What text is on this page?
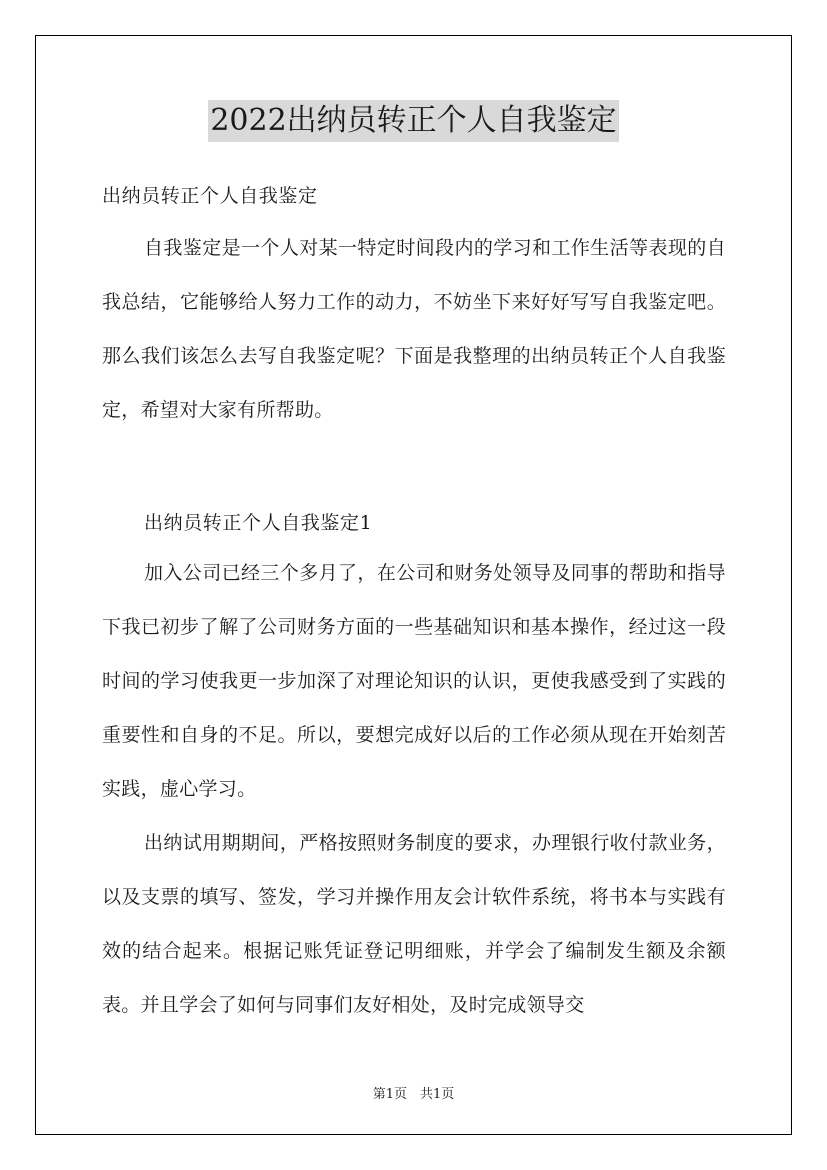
2022出纳员转正个人自我鉴定
出纳员转正个人自我鉴定
自我鉴定是一个人对某一特定时间段内的学习和工作生活等表现的自我总结，它能够给人努力工作的动力，不妨坐下来好好写写自我鉴定吧。那么我们该怎么去写自我鉴定呢？下面是我整理的出纳员转正个人自我鉴定，希望对大家有所帮助。
出纳员转正个人自我鉴定1
加入公司已经三个多月了，在公司和财务处领导及同事的帮助和指导下我已初步了解了公司财务方面的一些基础知识和基本操作，经过这一段时间的学习使我更一步加深了对理论知识的认识，更使我感受到了实践的重要性和自身的不足。所以，要想完成好以后的工作必须从现在开始刻苦实践，虚心学习。
出纳试用期期间，严格按照财务制度的要求，办理银行收付款业务，以及支票的填写、签发，学习并操作用友会计软件系统，将书本与实践有效的结合起来。根据记账凭证登记明细账，并学会了编制发生额及余额表。并且学会了如何与同事们友好相处，及时完成领导交
第1页　共1页
